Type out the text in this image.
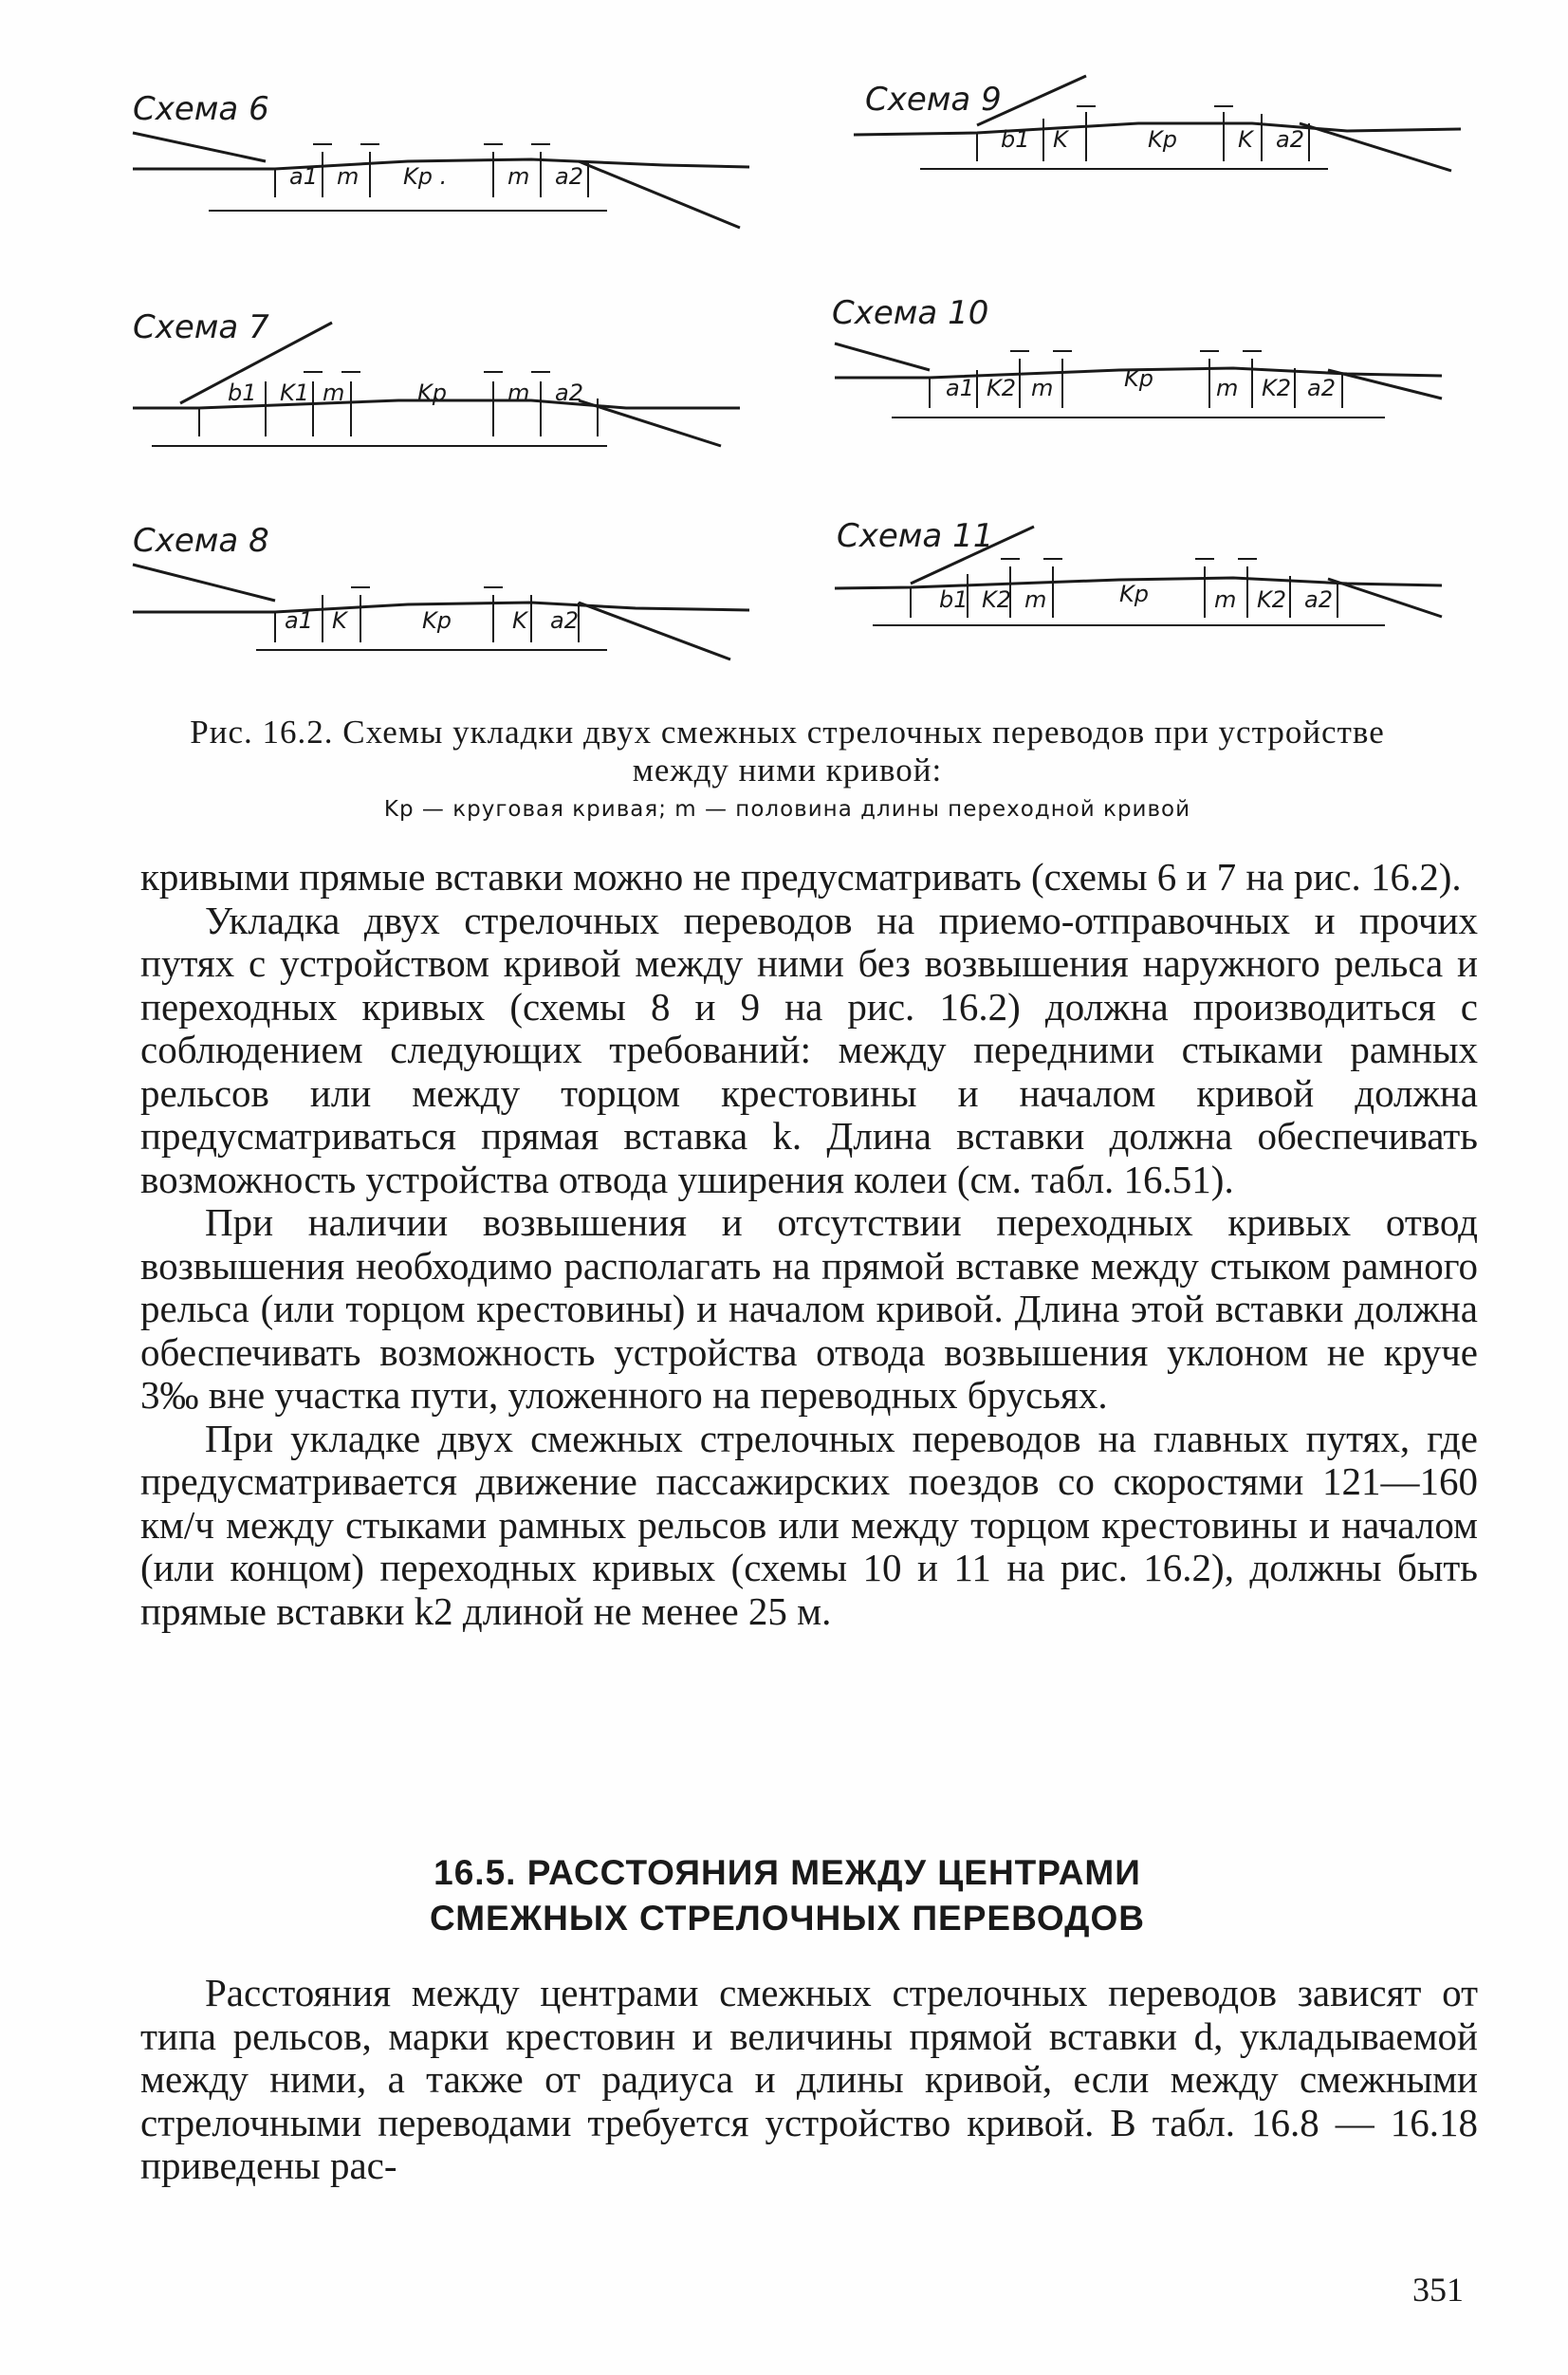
Схема 6
a1 m Kp .	m a2
Схема 7
b1 K1 m	Kp	m a2
Схема 8
a1 K	Kp	K a2
Схема 9
b1 K	Kp	K a2
Схема 10
a1 K2 m	Kp	m K2 a2
Схема 11
b1 K2 m	Kp	m K2 a2
Рис. 16.2. Схемы укладки двух смежных стрелочных переводов при устройстве между ними кривой:
Kр — круговая кривая; m — половина длины переходной кривой

кривыми прямые вставки можно не предусматривать (схемы 6 и 7 на рис. 16.2).

Укладка двух стрелочных переводов на приемо-отправочных и прочих путях с устройством кривой между ними без возвышения наружного рельса и переходных кривых (схемы 8 и 9 на рис. 16.2) должна производиться с соблюдением следующих требований: между передними стыками рамных рельсов или между торцом крестовины и началом кривой должна предусматриваться прямая вставка k. Длина вставки должна обеспечивать возможность устройства отвода уширения колеи (см. табл. 16.51).

При наличии возвышения и отсутствии переходных кривых отвод возвышения необходимо располагать на прямой вставке между стыком рамного рельса (или торцом крестовины) и началом кривой. Длина этой вставки должна обеспечивать возможность устройства отвода возвышения уклоном не круче 3‰ вне участка пути, уложенного на переводных брусьях.

При укладке двух смежных стрелочных переводов на главных путях, где предусматривается движение пассажирских поездов со скоростями 121—160 км/ч между стыками рамных рельсов или между торцом крестовины и началом (или концом) переходных кривых (схемы 10 и 11 на рис. 16.2), должны быть прямые вставки k2 длиной не менее 25 м.

16.5. РАССТОЯНИЯ МЕЖДУ ЦЕНТРАМИ
СМЕЖНЫХ СТРЕЛОЧНЫХ ПЕРЕВОДОВ

Расстояния между центрами смежных стрелочных переводов зависят от типа рельсов, марки крестовин и величины прямой вставки d, укладываемой между ними, а также от радиуса и длины кривой, если между смежными стрелочными переводами требуется устройство кривой. В табл. 16.8 — 16.18 приведены рас-

351
